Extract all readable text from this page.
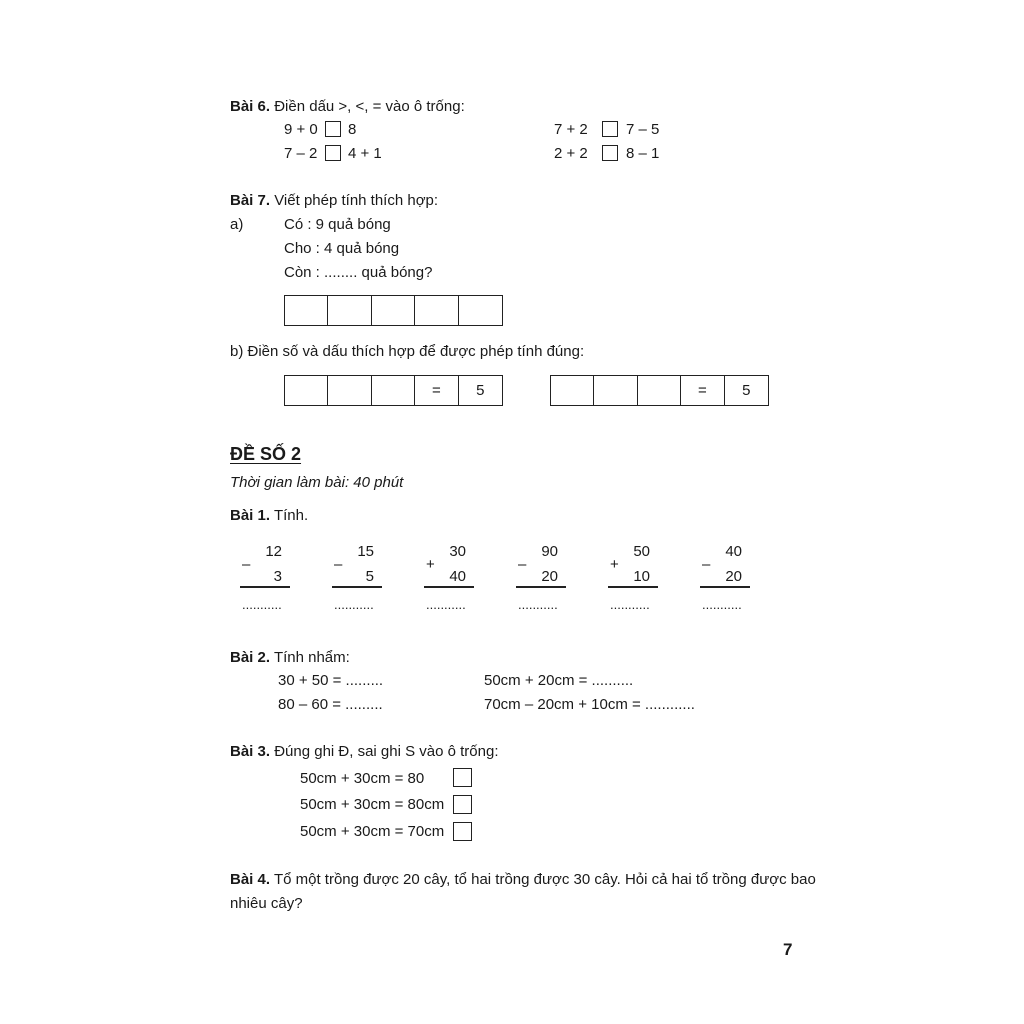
Bài 6. Điền dấu >, <, = vào ô trống:
9 + 0 8	7 + 2	7 – 5
7 – 2 4 + 1	2 + 2	8 – 1
Bài 7. Viết phép tính thích hợp:
a)	Có : 9 quả bóng
Cho : 4 quả bóng
Còn : ........ quả bóng?
b) Điền số và dấu thích hợp để được phép tính đúng:
=	5	=	5
ĐỀ SỐ 2
Thời gian làm bài: 40 phút
Bài 1. Tính.
12
–
3
15
–
5
30
+
40
90
–
20
50
+
10
40
–
20
...........	...........	...........	...........	...........	...........
Bài 2. Tính nhẩm:
30 + 50 = .........	50cm + 20cm = ..........
80 – 60 = .........	70cm – 20cm + 10cm = ............
Bài 3. Đúng ghi Đ, sai ghi S vào ô trống:
50cm + 30cm = 80
50cm + 30cm = 80cm
50cm + 30cm = 70cm
Bài 4. Tổ một trồng được 20 cây, tổ hai trồng được 30 cây. Hỏi cả hai tổ trồng được bao
nhiêu cây?
7
